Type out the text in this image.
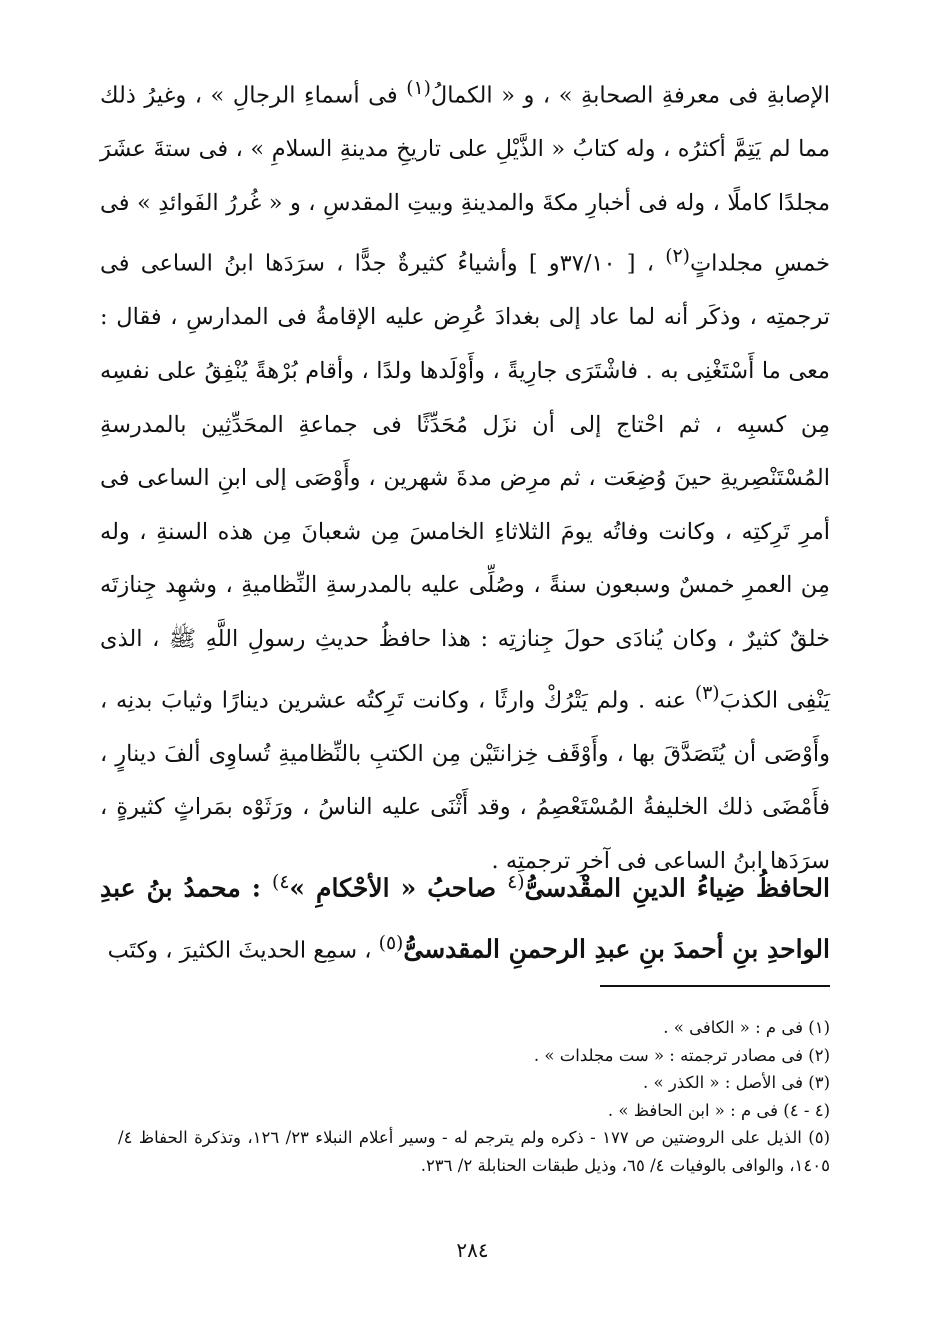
الإصابةِ فى معرفةِ الصحابةِ » ، و « الكمالُ$^{(١)}$ فى أسماءِ الرجالِ » ، وغيرُ ذلك مما لم يَتِمَّ أكثرُه ، وله كتابُ « الذَّيْلِ على تاريخِ مدينةِ السلامِ » ، فى ستةَ عشَرَ مجلدًا كاملًا ، وله فى أخبارِ مكةَ والمدينةِ وبيتِ المقدسِ ، و « غُررُ الفَوائدِ » فى خمسِ مجلداتٍ$^{(٢)}$ ، [ ٣٧/١٠و ] وأشياءُ كثيرةٌ جدًّا ، سرَدَها ابنُ الساعى فى ترجمتِه ، وذكَر أنه لما عاد إلى بغدادَ عُرِض عليه الإقامةُ فى المدارسِ ، فقال : معى ما أَسْتَغْنِى به . فاشْتَرَى جارِيةً ، وأَوْلَدها ولدًا ، وأقام بُرْهةً يُنْفِقُ على نفسِه مِن كسبِه ، ثم احْتاج إلى أن نزَل مُحَدِّثًا فى جماعةِ المحَدِّثِين بالمدرسةِ المُسْتَنْصِريةِ حينَ وُضِعَت ، ثم مرِض مدةَ شهرين ، وأَوْصَى إلى ابنِ الساعى فى أمرِ تَرِكتِه ، وكانت وفاتُه يومَ الثلاثاءِ الخامسَ مِن شعبانَ مِن هذه السنةِ ، وله مِن العمرِ خمسٌ وسبعون سنةً ، وصُلِّى عليه بالمدرسةِ النِّظاميةِ ، وشهِد جِنازتَه خلقٌ كثيرٌ ، وكان يُنادَى حولَ جِنازتِه : هذا حافظُ حديثِ رسولِ اللَّهِ ﷺ ، الذى يَنْفِى الكذبَ$^{(٣)}$ عنه . ولم يَتْرُكْ وارثًا ، وكانت تَرِكتُه عشرين دينارًا وثيابَ بدنِه ، وأَوْصَى أن يُتَصَدَّقَ بها ، وأَوْقَف خِزانتَيْن مِن الكتبِ بالنِّظاميةِ تُساوِى ألفَ دينارٍ ، فأَمْضَى ذلك الخليفةُ المُسْتَعْصِمُ ، وقد أَثْنَى عليه الناسُ ، ورَثَوْه بمَراثٍ كثيرةٍ ، سرَدَها ابنُ الساعى فى آخرِ ترجمتِه .
الحافظُ ضِياءُ الدينِ المقْدسىُّ$^{(٤}$ صاحبُ « الأحْكامِ »$^{٤)}$ : محمدُ بنُ عبدِ الواحدِ بنِ أحمدَ بنِ عبدِ الرحمنِ المقدسىُّ$^{(٥)}$ ، سمِع الحديثَ الكثيرَ ، وكتَب
(١) فى م : « الكافى » .
(٢) فى مصادر ترجمته : « ست مجلدات » .
(٣) فى الأصل : « الكذر » .
(٤ - ٤) فى م : « ابن الحافظ » .
(٥) الذيل على الروضتين ص ١٧٧ - ذكره ولم يترجم له - وسير أعلام النبلاء ٢٣/ ١٢٦، وتذكرة الحفاظ ٤/ ١٤٠٥، والوافى بالوفيات ٤/ ٦٥، وذيل طبقات الحنابلة ٢/ ٢٣٦.
٢٨٤
